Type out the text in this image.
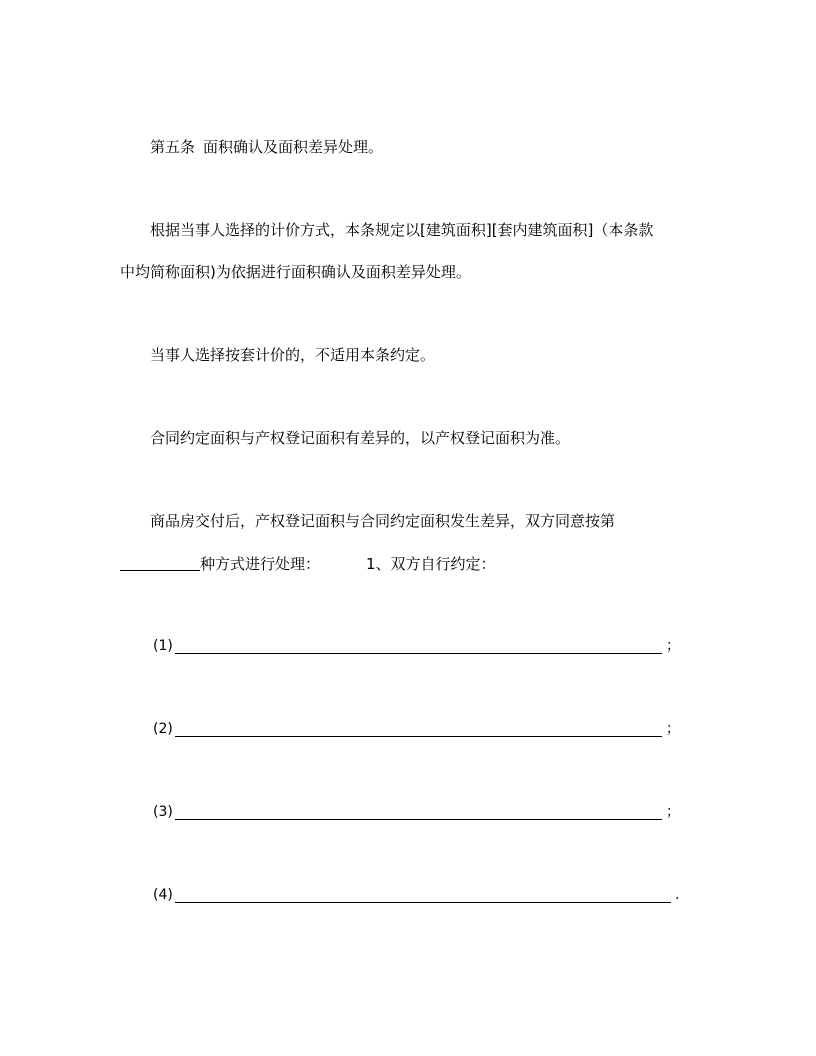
第五条 面积确认及面积差异处理。
根据当事人选择的计价方式，本条规定以[建筑面积][套内建筑面积]（本条款
中均简称面积)为依据进行面积确认及面积差异处理。
当事人选择按套计价的，不适用本条约定。
合同约定面积与产权登记面积有差异的，以产权登记面积为准。
商品房交付后，产权登记面积与合同约定面积发生差异，双方同意按第
种方式进行处理：	1、双方自行约定：
(1)	；
(2)	；
(3)	；
(4)	.
